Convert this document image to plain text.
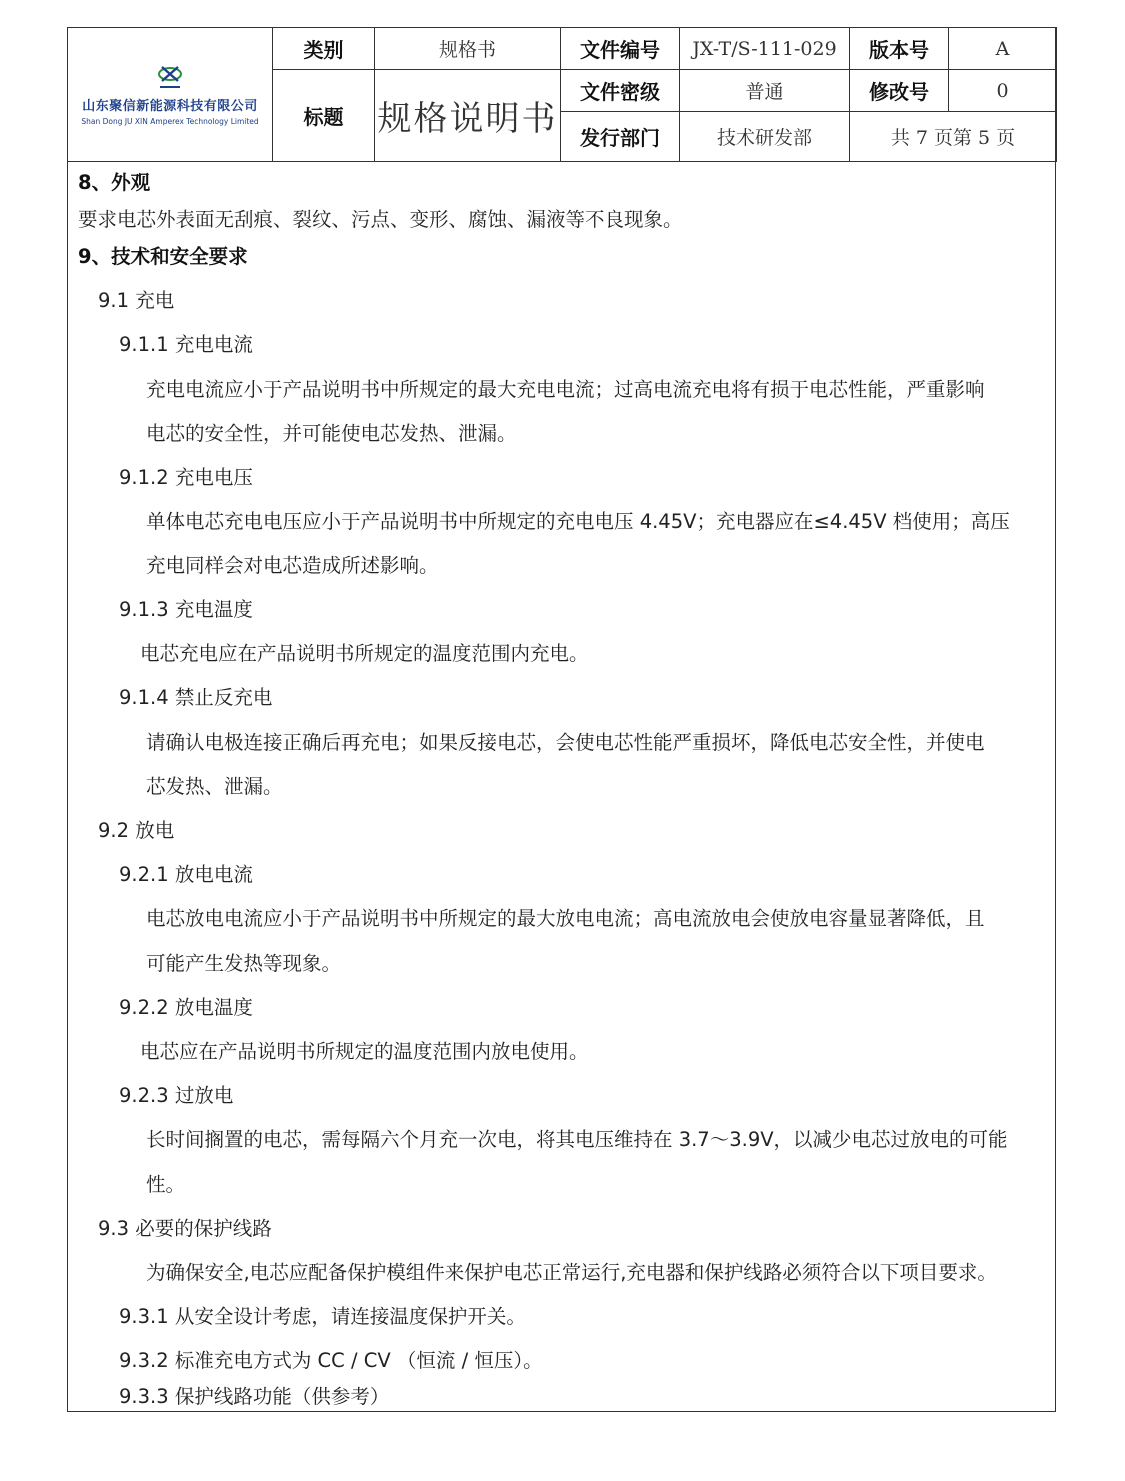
山东聚信新能源科技有限公司
Shan Dong JU XIN Amperex Technology Limited	类别	规格书	文件编号	JX-T/S-111-029	版本号	A
	标题	规格说明书	文件密级	普通	修改号	0
			发行部门	技术研发部	共 7 页第 5 页	
8、外观
要求电芯外表面无刮痕、裂纹、污点、变形、腐蚀、漏液等不良现象。
9、技术和安全要求
9.1 充电
9.1.1 充电电流
充电电流应小于产品说明书中所规定的最大充电电流；过高电流充电将有损于电芯性能，严重影响
电芯的安全性，并可能使电芯发热、泄漏。
9.1.2 充电电压
单体电芯充电电压应小于产品说明书中所规定的充电电压 4.45V；充电器应在≤4.45V 档使用；高压
充电同样会对电芯造成所述影响。
9.1.3 充电温度
电芯充电应在产品说明书所规定的温度范围内充电。
9.1.4 禁止反充电
请确认电极连接正确后再充电；如果反接电芯，会使电芯性能严重损坏，降低电芯安全性，并使电
芯发热、泄漏。
9.2 放电
9.2.1 放电电流
电芯放电电流应小于产品说明书中所规定的最大放电电流；高电流放电会使放电容量显著降低，且
可能产生发热等现象。
9.2.2 放电温度
电芯应在产品说明书所规定的温度范围内放电使用。
9.2.3 过放电
长时间搁置的电芯，需每隔六个月充一次电，将其电压维持在 3.7～3.9V，以减少电芯过放电的可能
性。
9.3 必要的保护线路
为确保安全,电芯应配备保护模组件来保护电芯正常运行,充电器和保护线路必须符合以下项目要求。
9.3.1 从安全设计考虑，请连接温度保护开关。
9.3.2 标准充电方式为 CC / CV （恒流 / 恒压）。
9.3.3 保护线路功能（供参考）
